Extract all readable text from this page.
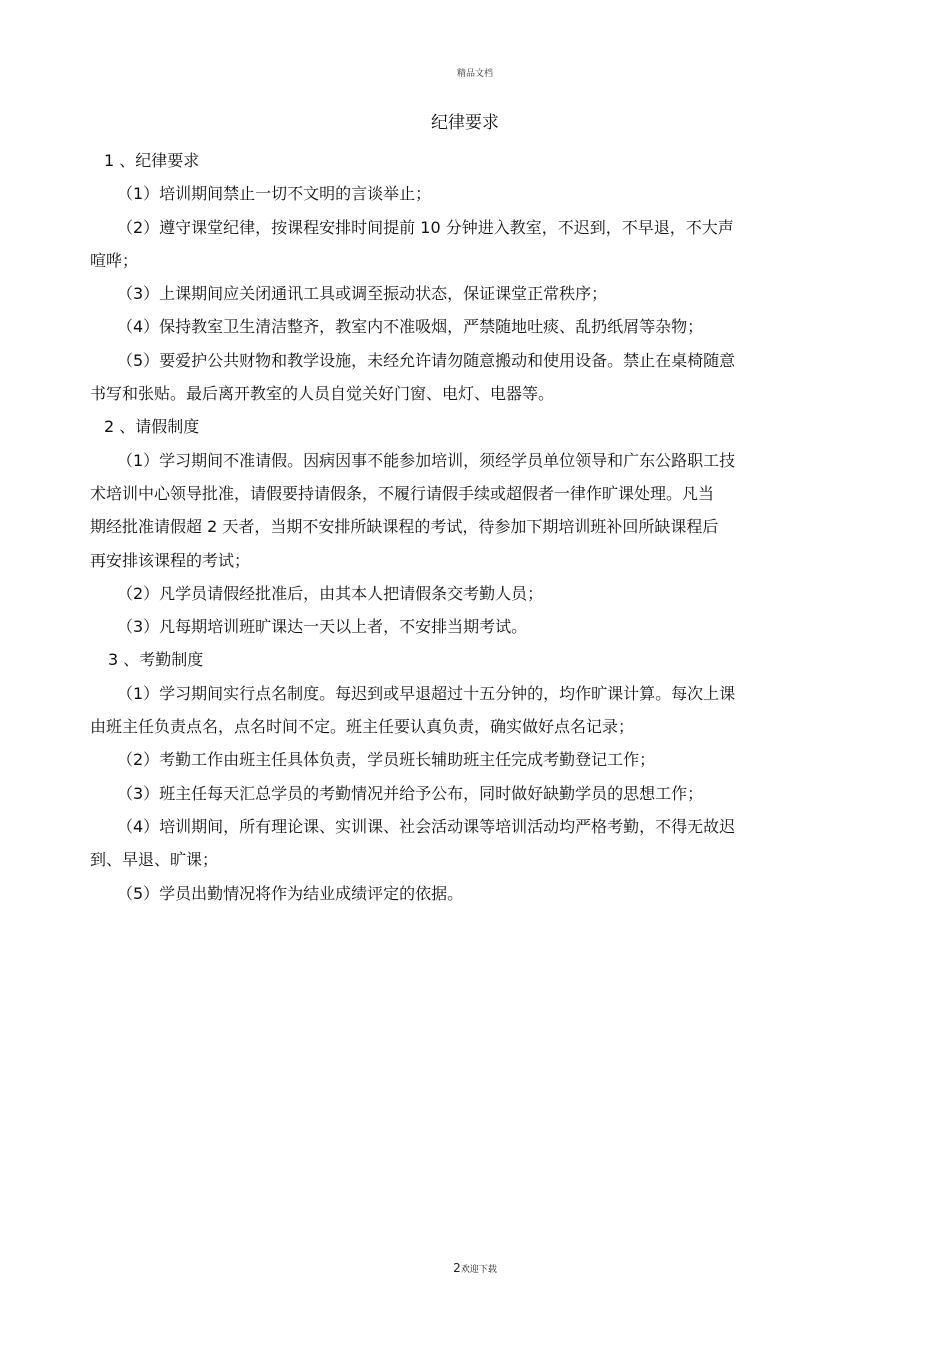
精品文档
纪律要求
1 、纪律要求
（1）培训期间禁止一切不文明的言谈举止；
（2）遵守课堂纪律，按课程安排时间提前 10 分钟进入教室，不迟到，不早退，不大声
喧哗；
（3）上课期间应关闭通讯工具或调至振动状态，保证课堂正常秩序；
（4）保持教室卫生清洁整齐，教室内不准吸烟，严禁随地吐痰、乱扔纸屑等杂物；
（5）要爱护公共财物和教学设施，未经允许请勿随意搬动和使用设备。禁止在桌椅随意
书写和张贴。最后离开教室的人员自觉关好门窗、电灯、电器等。
2 、请假制度
（1）学习期间不准请假。因病因事不能参加培训，须经学员单位领导和广东公路职工技
术培训中心领导批准，请假要持请假条，不履行请假手续或超假者一律作旷课处理。凡当
期经批准请假超 2 天者，当期不安排所缺课程的考试，待参加下期培训班补回所缺课程后
再安排该课程的考试；
（2）凡学员请假经批准后，由其本人把请假条交考勤人员；
（3）凡每期培训班旷课达一天以上者，不安排当期考试。
3 、考勤制度
（1）学习期间实行点名制度。每迟到或早退超过十五分钟的，均作旷课计算。每次上课
由班主任负责点名，点名时间不定。班主任要认真负责，确实做好点名记录；
（2）考勤工作由班主任具体负责，学员班长辅助班主任完成考勤登记工作；
（3）班主任每天汇总学员的考勤情况并给予公布，同时做好缺勤学员的思想工作；
（4）培训期间，所有理论课、实训课、社会活动课等培训活动均严格考勤，不得无故迟
到、早退、旷课；
（5）学员出勤情况将作为结业成绩评定的依据。
2欢迎下载
